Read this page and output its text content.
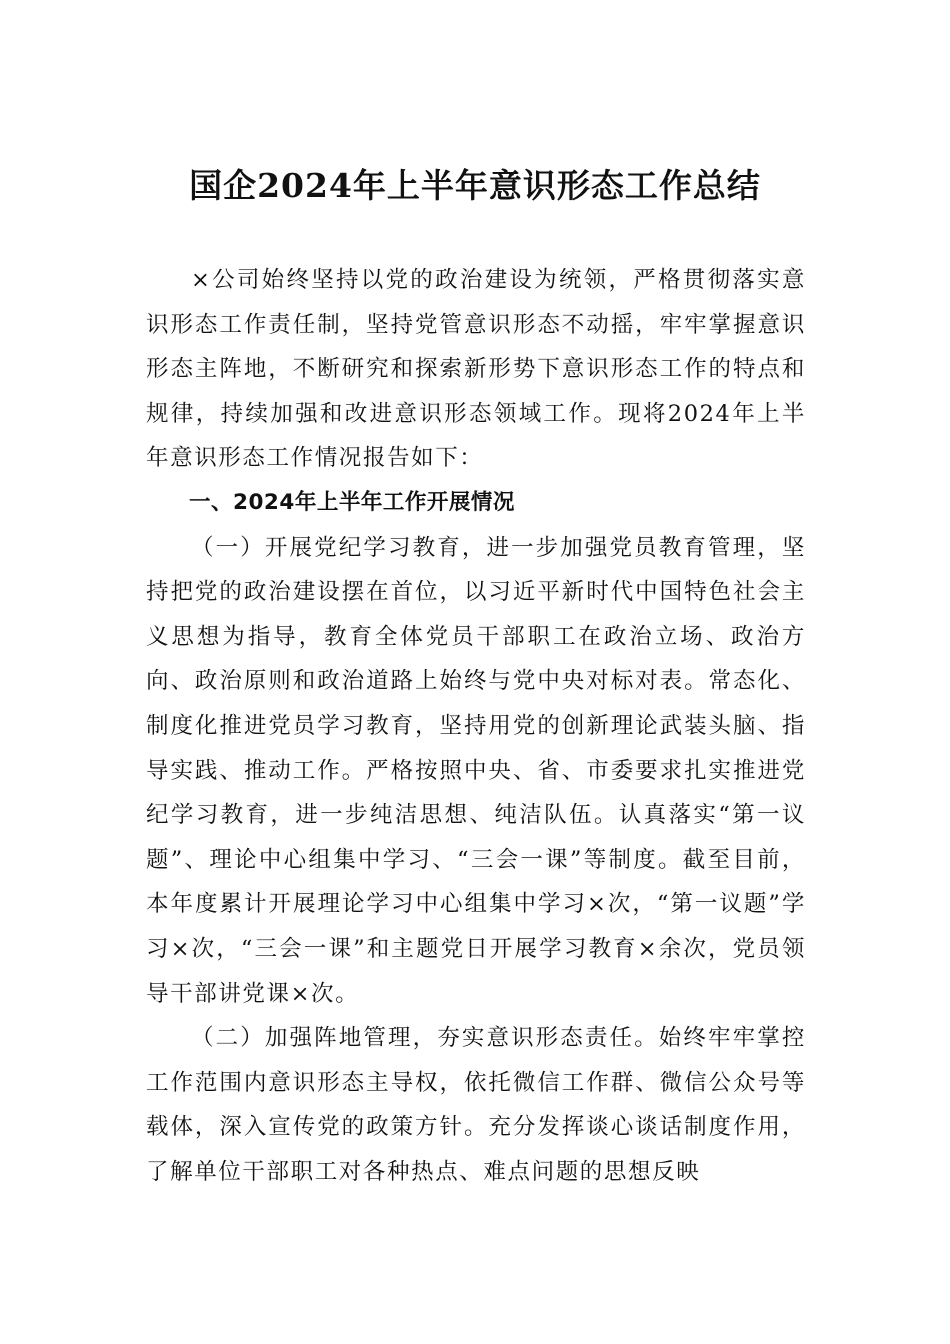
国企2024年上半年意识形态工作总结

×公司始终坚持以党的政治建设为统领，严格贯彻落实意识形态工作责任制，坚持党管意识形态不动摇，牢牢掌握意识形态主阵地，不断研究和探索新形势下意识形态工作的特点和规律，持续加强和改进意识形态领域工作。现将2024年上半年意识形态工作情况报告如下：

一、2024年上半年工作开展情况

（一）开展党纪学习教育，进一步加强党员教育管理，坚持把党的政治建设摆在首位，以习近平新时代中国特色社会主义思想为指导，教育全体党员干部职工在政治立场、政治方向、政治原则和政治道路上始终与党中央对标对表。常态化、制度化推进党员学习教育，坚持用党的创新理论武装头脑、指导实践、推动工作。严格按照中央、省、市委要求扎实推进党纪学习教育，进一步纯洁思想、纯洁队伍。认真落实“第一议题”、理论中心组集中学习、“三会一课”等制度。截至目前，本年度累计开展理论学习中心组集中学习×次，“第一议题”学习×次，“三会一课”和主题党日开展学习教育×余次，党员领导干部讲党课×次。

（二）加强阵地管理，夯实意识形态责任。始终牢牢掌控工作范围内意识形态主导权，依托微信工作群、微信公众号等载体，深入宣传党的政策方针。充分发挥谈心谈话制度作用，了解单位干部职工对各种热点、难点问题的思想反映
